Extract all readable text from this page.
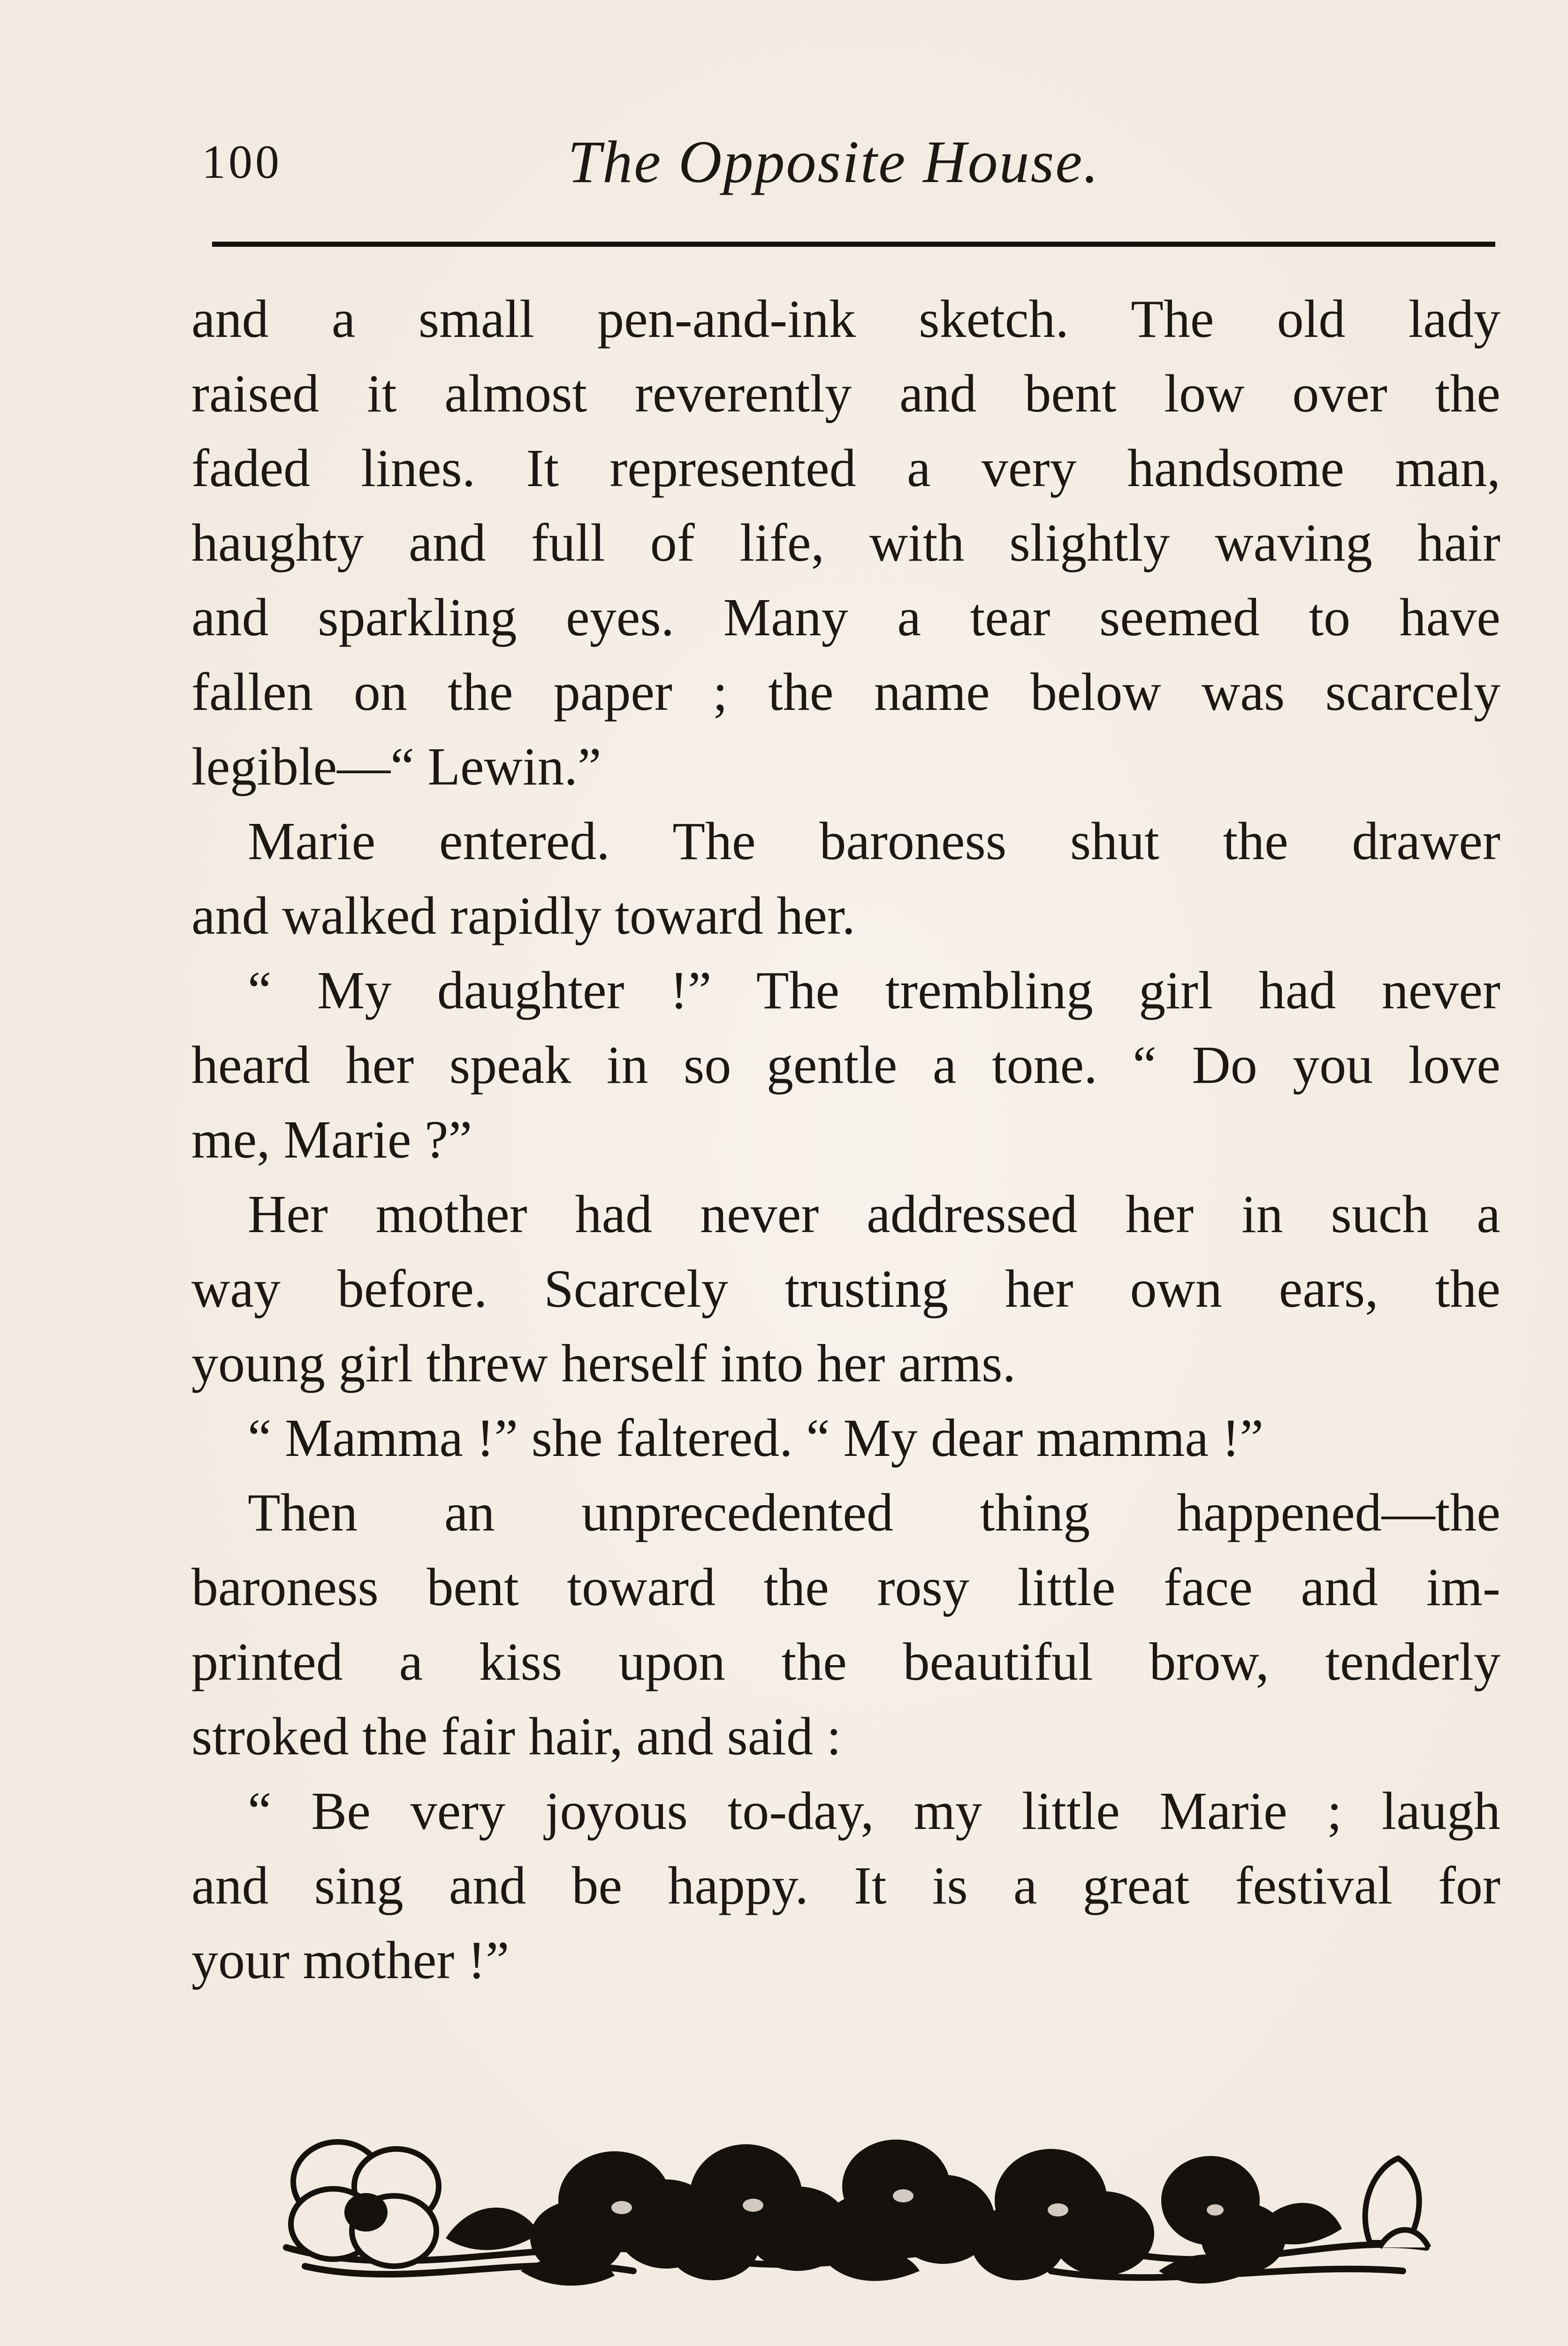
100	The Opposite House.
and a small pen-and-ink sketch. The old lady
raised it almost reverently and bent low over the
faded lines. It represented a very handsome man,
haughty and full of life, with slightly waving hair
and sparkling eyes. Many a tear seemed to have
fallen on the paper ; the name below was scarcely
legible—“ Lewin.”
Marie entered. The baroness shut the drawer
and walked rapidly toward her.
“ My daughter !” The trembling girl had never
heard her speak in so gentle a tone. “ Do you love
me, Marie ?”
Her mother had never addressed her in such a
way before. Scarcely trusting her own ears, the
young girl threw herself into her arms.
“ Mamma !” she faltered. “ My dear mamma !”
Then an unprecedented thing happened—the
baroness bent toward the rosy little face and im-
printed a kiss upon the beautiful brow, tenderly
stroked the fair hair, and said :
“ Be very joyous to-day, my little Marie ; laugh
and sing and be happy. It is a great festival for
your mother !”
